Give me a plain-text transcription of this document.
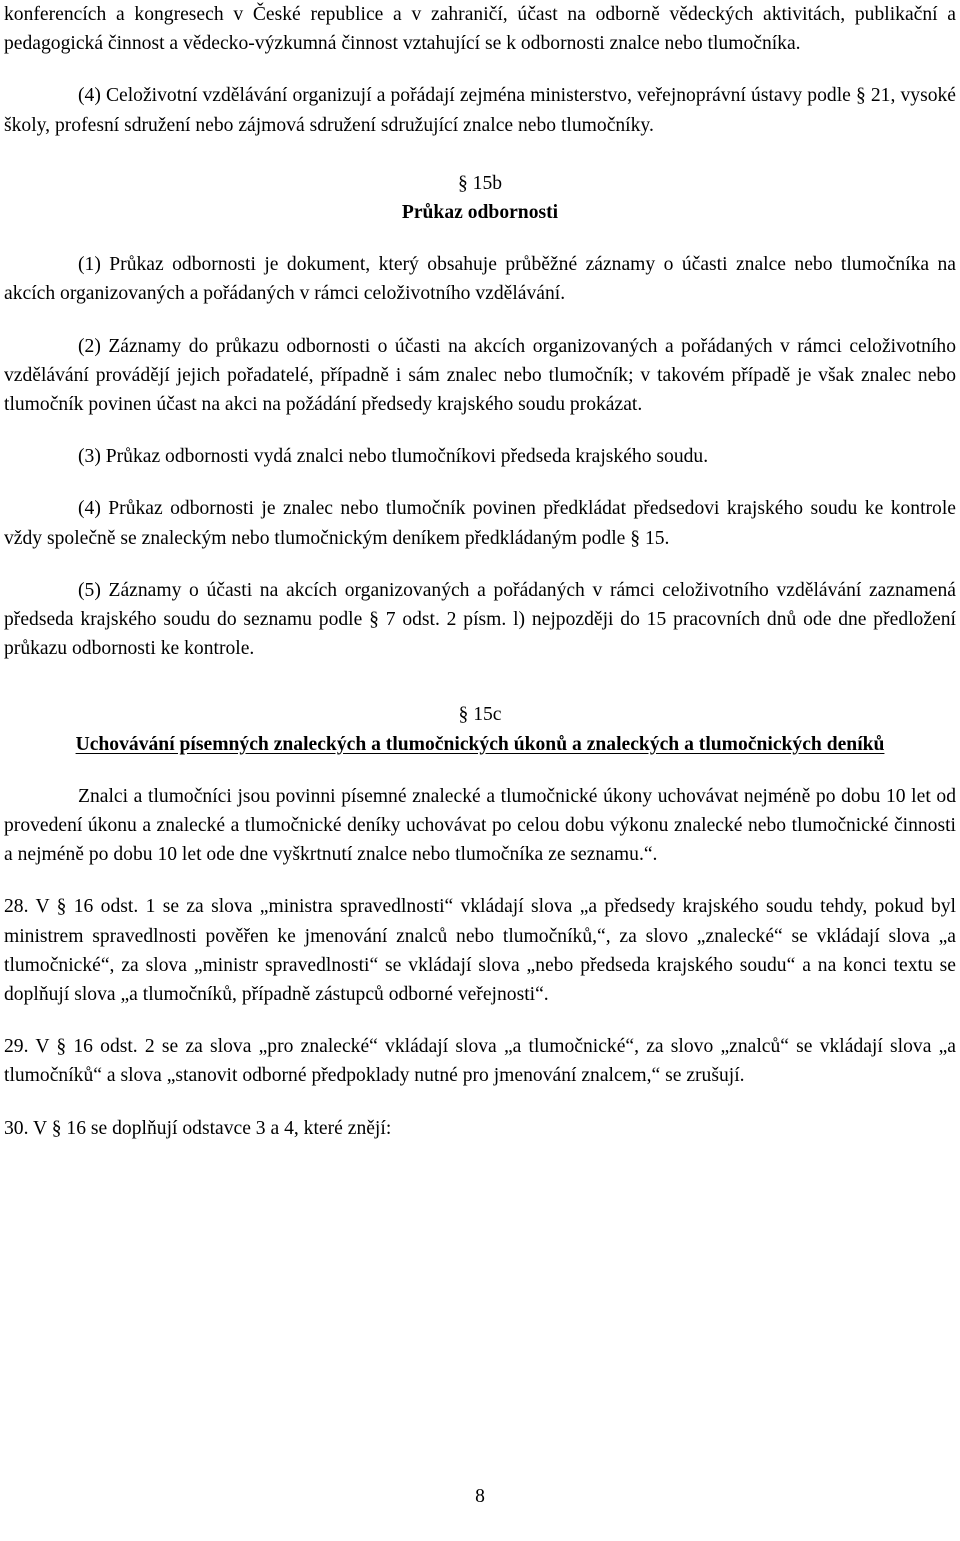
konferencích a kongresech v České republice a v zahraničí, účast na odborně vědeckých aktivitách, publikační a pedagogická činnost a vědecko-výzkumná činnost vztahující se k odbornosti znalce nebo tlumočníka.

(4) Celoživotní vzdělávání organizují a pořádají zejména ministerstvo, veřejnoprávní ústavy podle § 21, vysoké školy, profesní sdružení nebo zájmová sdružení sdružující znalce nebo tlumočníky.

§ 15b

Průkaz odbornosti

(1) Průkaz odbornosti je dokument, který obsahuje průběžné záznamy o účasti znalce nebo tlumočníka na akcích organizovaných a pořádaných v rámci celoživotního vzdělávání.

(2) Záznamy do průkazu odbornosti o účasti na akcích organizovaných a pořádaných v rámci celoživotního vzdělávání provádějí jejich pořadatelé, případně i sám znalec nebo tlumočník; v takovém případě je však znalec nebo tlumočník povinen účast na akci na požádání předsedy krajského soudu prokázat.

(3) Průkaz odbornosti vydá znalci nebo tlumočníkovi předseda krajského soudu.

(4) Průkaz odbornosti je znalec nebo tlumočník povinen předkládat předsedovi krajského soudu ke kontrole vždy společně se znaleckým nebo tlumočnickým deníkem předkládaným podle § 15.

(5) Záznamy o účasti na akcích organizovaných a pořádaných v rámci celoživotního vzdělávání zaznamená předseda krajského soudu do seznamu podle § 7 odst. 2 písm. l) nejpozději do 15 pracovních dnů ode dne předložení průkazu odbornosti ke kontrole.

§ 15c

Uchovávání písemných znaleckých a tlumočnických úkonů a znaleckých a tlumočnických deníků

Znalci a tlumočníci jsou povinni písemné znalecké a tlumočnické úkony uchovávat nejméně po dobu 10 let od provedení úkonu a znalecké a tlumočnické deníky uchovávat po celou dobu výkonu znalecké nebo tlumočnické činnosti a nejméně po dobu 10 let ode dne vyškrtnutí znalce nebo tlumočníka ze seznamu.“.

28. V § 16 odst. 1 se za slova „ministra spravedlnosti“ vkládají slova „a předsedy krajského soudu tehdy, pokud byl ministrem spravedlnosti pověřen ke jmenování znalců nebo tlumočníků,“, za slovo „znalecké“ se vkládají slova „a tlumočnické“, za slova „ministr spravedlnosti“ se vkládají slova „nebo předseda krajského soudu“ a na konci textu se doplňují slova „a tlumočníků, případně zástupců odborné veřejnosti“.

29. V § 16 odst. 2 se za slova „pro znalecké“ vkládají slova „a tlumočnické“, za slovo „znalců“ se vkládají slova „a tlumočníků“ a slova „stanovit odborné předpoklady nutné pro jmenování znalcem,“ se zrušují.

30. V § 16 se doplňují odstavce 3 a 4, které znějí:

8
